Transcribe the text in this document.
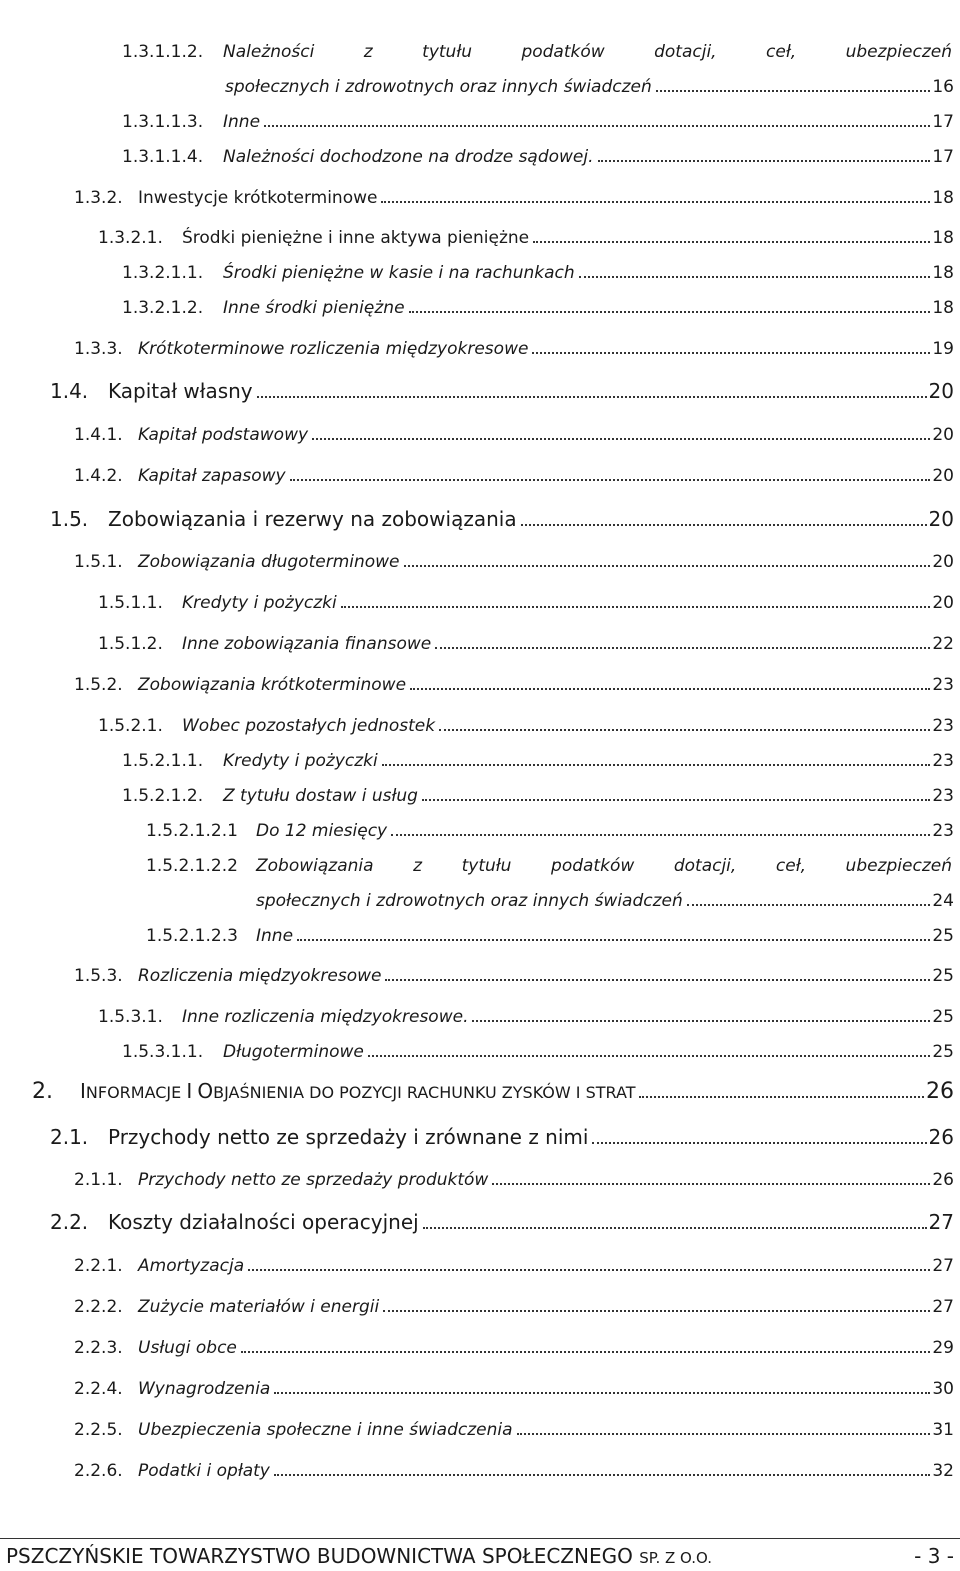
1.3.1.1.2.	Należności z tytułu podatków dotacji, ceł, ubezpieczeń
społecznych i zdrowotnych oraz innych świadczeń	16
1.3.1.1.3.	Inne	17
1.3.1.1.4.	Należności dochodzone na drodze sądowej.	17
1.3.2. Inwestycje krótkoterminowe	18
1.3.2.1.	Środki pieniężne i inne aktywa pieniężne	18
1.3.2.1.1.	Środki pieniężne w kasie i na rachunkach	18
1.3.2.1.2.	Inne środki pieniężne	18
1.3.3. Krótkoterminowe rozliczenia międzyokresowe	19
1.4. Kapitał własny	20
1.4.1. Kapitał podstawowy	20
1.4.2. Kapitał zapasowy	20
1.5. Zobowiązania i rezerwy na zobowiązania	20
1.5.1. Zobowiązania długoterminowe	20
1.5.1.1.	Kredyty i pożyczki	20
1.5.1.2.	Inne zobowiązania finansowe	22
1.5.2. Zobowiązania krótkoterminowe	23
1.5.2.1.	Wobec pozostałych jednostek	23
1.5.2.1.1.	Kredyty i pożyczki	23
1.5.2.1.2.	Z tytułu dostaw i usług	23
1.5.2.1.2.1	Do 12 miesięcy	23
1.5.2.1.2.2	Zobowiązania z tytułu podatków dotacji, ceł, ubezpieczeń
społecznych i zdrowotnych oraz innych świadczeń	24
1.5.2.1.2.3	Inne	25
1.5.3. Rozliczenia międzyokresowe	25
1.5.3.1.	Inne rozliczenia międzyokresowe.	25
1.5.3.1.1.	Długoterminowe	25
2.	INFORMACJE I OBJAŚNIENIA DO POZYCJI RACHUNKU ZYSKÓW I STRAT	26
2.1. Przychody netto ze sprzedaży i zrównane z nimi	26
2.1.1. Przychody netto ze sprzedaży produktów	26
2.2. Koszty działalności operacyjnej	27
2.2.1. Amortyzacja	27
2.2.2. Zużycie materiałów i energii	27
2.2.3. Usługi obce	29
2.2.4. Wynagrodzenia	30
2.2.5. Ubezpieczenia społeczne i inne świadczenia	31
2.2.6. Podatki i opłaty	32
PSZCZYŃSKIE TOWARZYSTWO BUDOWNICTWA SPOŁECZNEGO SP. Z O.O.	- 3 -
